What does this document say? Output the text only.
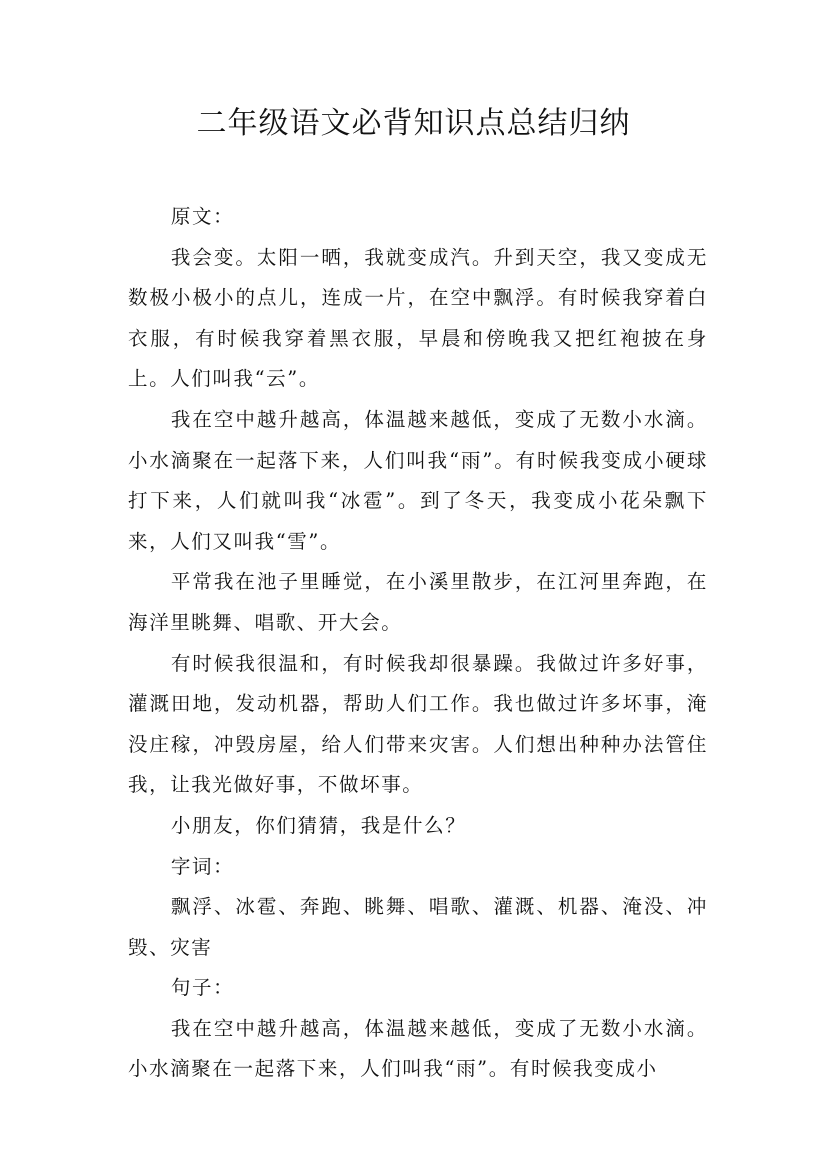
二年级语文必背知识点总结归纳

原文：

我会变。太阳一晒，我就变成汽。升到天空，我又变成无数极小极小的点儿，连成一片，在空中飘浮。有时候我穿着白衣服，有时候我穿着黑衣服，早晨和傍晚我又把红袍披在身上。人们叫我“云”。

我在空中越升越高，体温越来越低，变成了无数小水滴。小水滴聚在一起落下来，人们叫我“雨”。有时候我变成小硬球打下来，人们就叫我“冰雹”。到了冬天，我变成小花朵飘下来，人们又叫我“雪”。

平常我在池子里睡觉，在小溪里散步，在江河里奔跑，在海洋里眺舞、唱歌、开大会。

有时候我很温和，有时候我却很暴躁。我做过许多好事，灌溉田地，发动机器，帮助人们工作。我也做过许多坏事，淹没庄稼，冲毁房屋，给人们带来灾害。人们想出种种办法管住我，让我光做好事，不做坏事。

小朋友，你们猜猜，我是什么？

字词：

飘浮、冰雹、奔跑、眺舞、唱歌、灌溉、机器、淹没、冲毁、灾害

句子：

我在空中越升越高，体温越来越低，变成了无数小水滴。小水滴聚在一起落下来，人们叫我“雨”。有时候我变成小
